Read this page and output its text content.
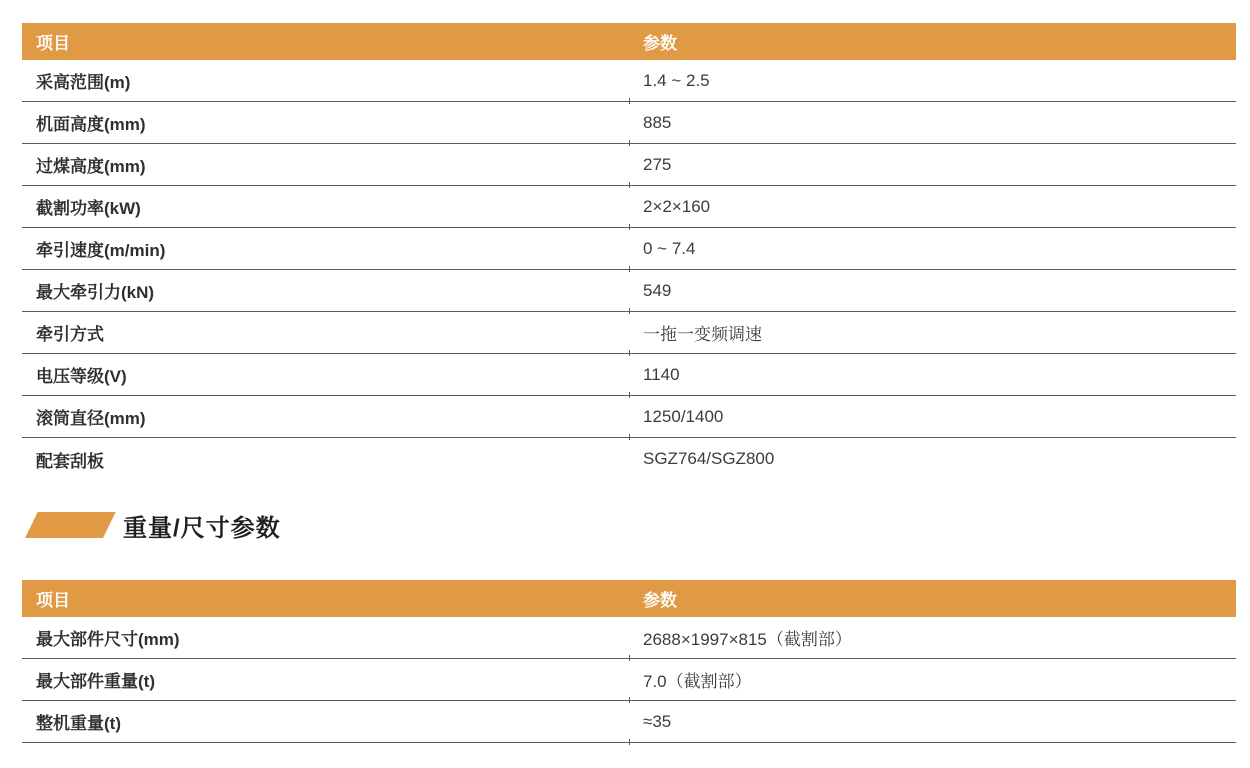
项目	参数
采高范围(m)	1.4 ~ 2.5
机面高度(mm)	885
过煤高度(mm)	275
截割功率(kW)	2×2×160
牵引速度(m/min)	0 ~ 7.4
最大牵引力(kN)	549
牵引方式	一拖一变频调速
电压等级(V)	1140
滚筒直径(mm)	1250/1400
配套刮板	SGZ764/SGZ800
重量/尺寸参数
项目	参数
最大部件尺寸(mm)	2688×1997×815（截割部）
最大部件重量(t)	7.0（截割部）
整机重量(t)	≈35
